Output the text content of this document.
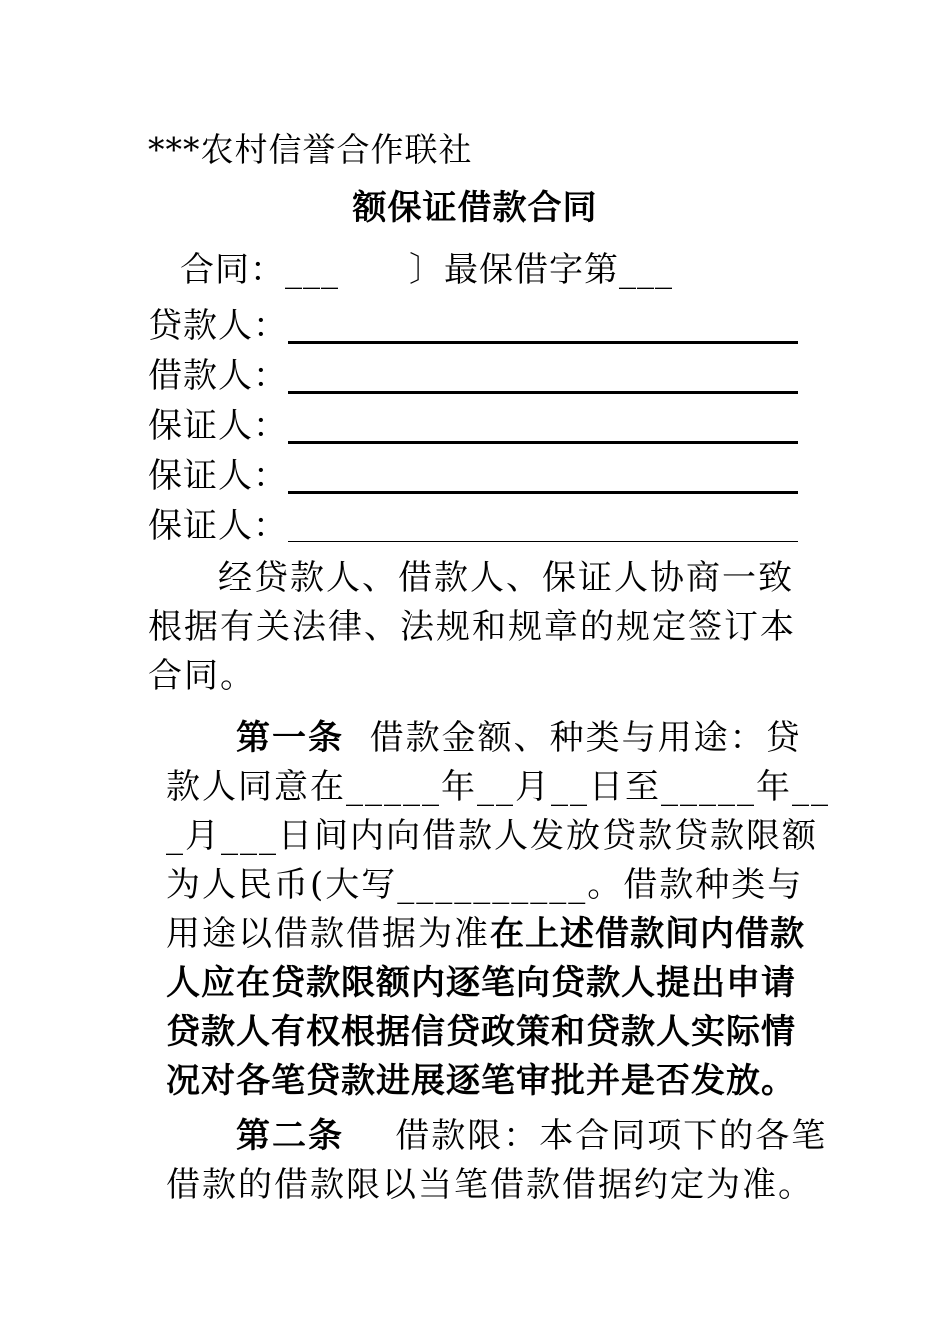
***农村信誉合作联社
额保证借款合同
合同：___　　〕最保借字第___
贷款人：
借款人：
保证人：
保证人：
保证人：
经贷款人、借款人、保证人协商一致
根据有关法律、法规和规章的规定签订本
合同。
第一条 借款金额、种类与用途：贷
款人同意在_____年__月__日至_____年__
_月___日间内向借款人发放贷款贷款限额
为人民币(大写__________。借款种类与
用途以借款借据为准在上述借款间内借款
人应在贷款限额内逐笔向贷款人提出申请
贷款人有权根据信贷政策和贷款人实际情
况对各笔贷款进展逐笔审批并是否发放。
第二条 借款限：本合同项下的各笔
借款的借款限以当笔借款借据约定为准。
